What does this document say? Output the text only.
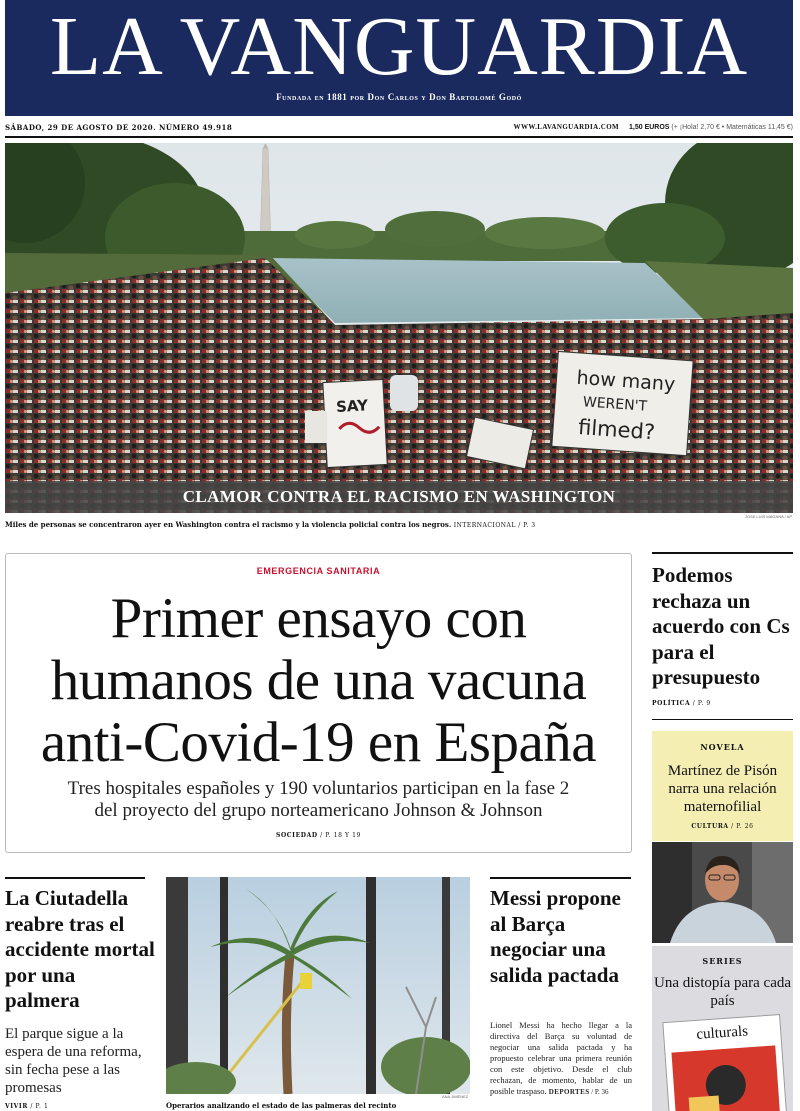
LA VANGUARDIA
Fundada en 1881 por Don Carlos y Don Bartolomé Godó
SÁBADO, 29 DE AGOSTO DE 2020. NÚMERO 49.918	WWW.LAVANGUARDIA.COM 1,50 EUROS (+ ¡Hola! 2,70 € • Matemáticas 11,45 €)
how many
WEREN'T
filmed?
SAY
CLAMOR CONTRA EL RACISMO EN WASHINGTON
JOSE LUIS MAGANA / AP
Miles de personas se concentraron ayer en Washington contra el racismo y la violencia policial contra los negros. INTERNACIONAL / P. 3
EMERGENCIA SANITARIA
Primer ensayo con
humanos de una vacuna
anti-Covid-19 en España
Tres hospitales españoles y 190 voluntarios participan en la fase 2
del proyecto del grupo norteamericano Johnson & Johnson
SOCIEDAD / P. 18 Y 19
Podemos rechaza un acuerdo con Cs para el presupuesto
POLÍTICA / P. 9
NOVELA
Martínez de Pisón narra una relación maternofilial
CULTURA / P. 26
SERIES
Una distopía para cada país
culturals
La Ciutadella reabre tras el accidente mortal por una palmera
El parque sigue a la espera de una reforma, sin fecha pese a las promesas
VIVIR / P. 1
ANA JIMÉNEZ
Operarios analizando el estado de las palmeras del recinto
Messi propone al Barça negociar una salida pactada
Lionel Messi ha hecho llegar a la directiva del Barça su voluntad de negociar una salida pactada y ha propuesto celebrar una primera reunión con este objetivo. Desde el club rechazan, de momento, hablar de un posible traspaso. DEPORTES / P. 36
